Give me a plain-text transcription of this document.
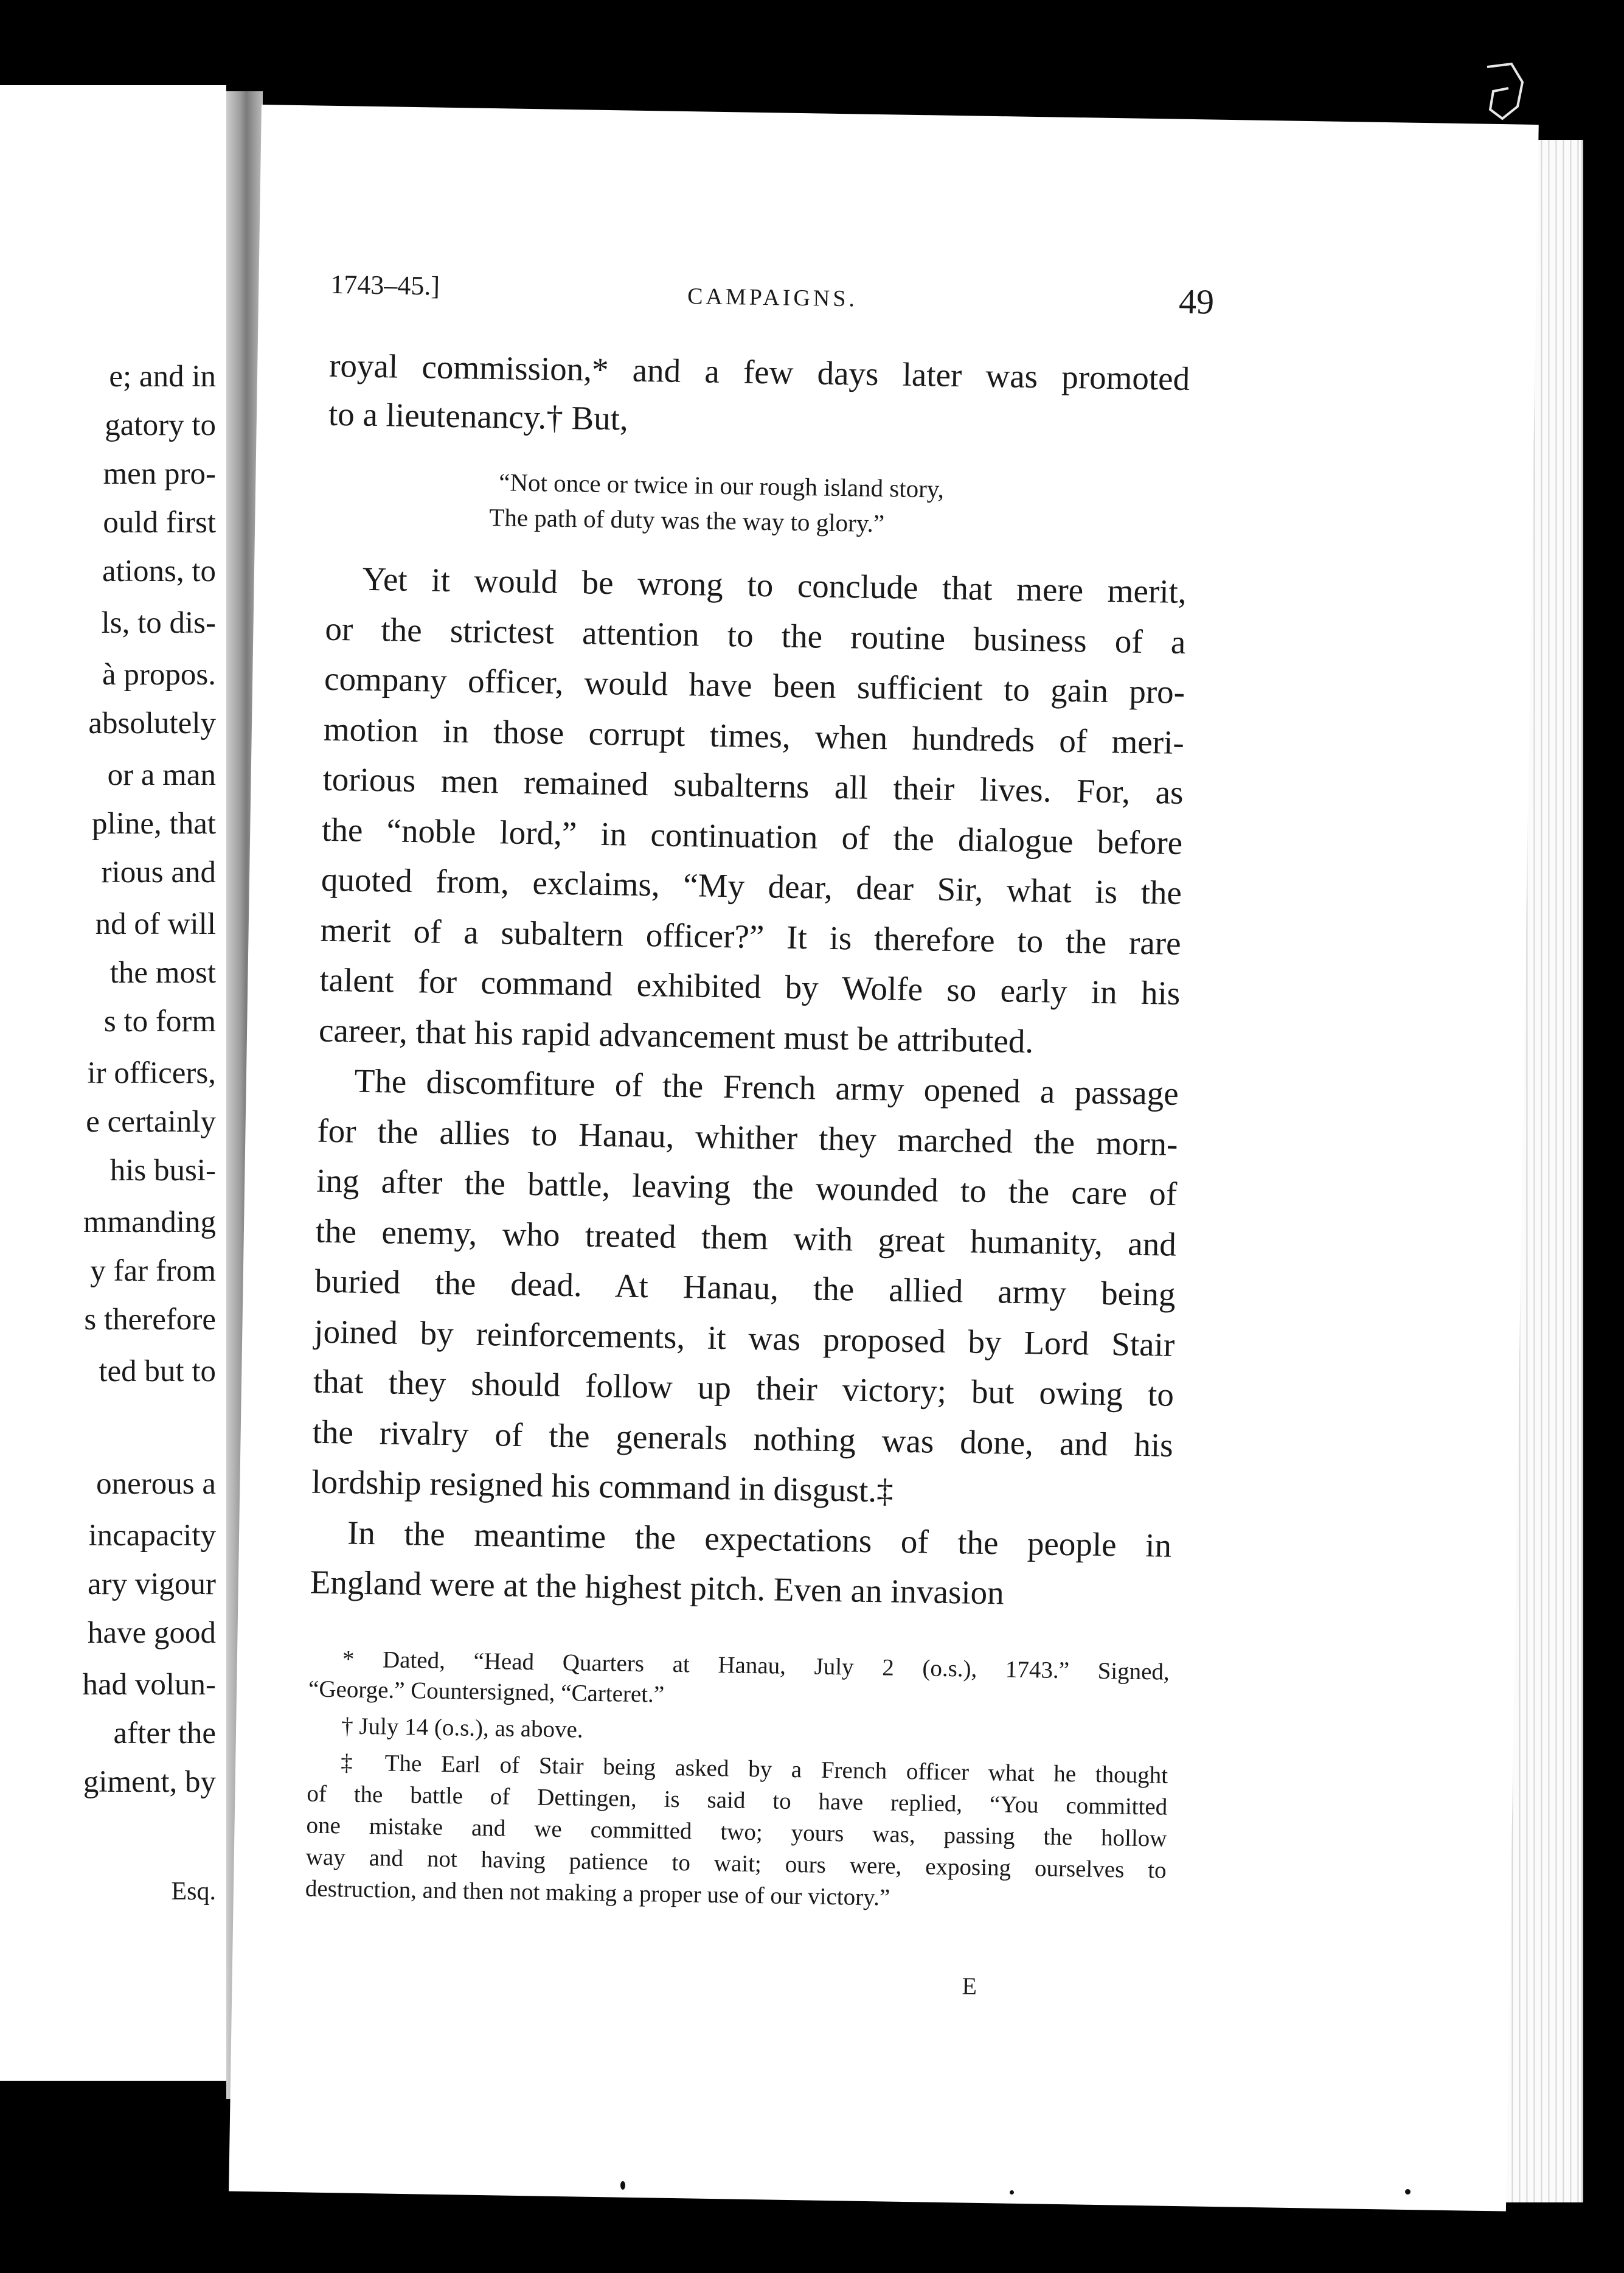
e; and in
gatory to
men pro-
ould first
ations, to
ls, to dis-
à propos.
absolutely
or a man
pline, that
rious and
nd of will
the most
s to form
ir officers,
e certainly
his busi-
mmanding
y far from
s therefore
ted but to
onerous a
incapacity
ary vigour
have good
had volun-
after the
giment, by
Esq.
1743–45.]	CAMPAIGNS.	49
royal commission,* and a few days later was promoted
to a lieutenancy.† But,
“Not once or twice in our rough island story,
The path of duty was the way to glory.”
Yet it would be wrong to conclude that mere merit,
or the strictest attention to the routine business of a
company officer, would have been sufficient to gain pro-
motion in those corrupt times, when hundreds of meri-
torious men remained subalterns all their lives. For, as
the “noble lord,” in continuation of the dialogue before
quoted from, exclaims, “My dear, dear Sir, what is the
merit of a subaltern officer?” It is therefore to the rare
talent for command exhibited by Wolfe so early in his
career, that his rapid advancement must be attributed.
The discomfiture of the French army opened a passage
for the allies to Hanau, whither they marched the morn-
ing after the battle, leaving the wounded to the care of
the enemy, who treated them with great humanity, and
buried the dead. At Hanau, the allied army being
joined by reinforcements, it was proposed by Lord Stair
that they should follow up their victory; but owing to
the rivalry of the generals nothing was done, and his
lordship resigned his command in disgust.‡
In the meantime the expectations of the people in
England were at the highest pitch. Even an invasion
* Dated, “Head Quarters at Hanau, July 2 (o.s.), 1743.” Signed,
“George.” Countersigned, “Carteret.”
† July 14 (o.s.), as above.
‡ The Earl of Stair being asked by a French officer what he thought
of the battle of Dettingen, is said to have replied, “You committed
one mistake and we committed two; yours was, passing the hollow
way and not having patience to wait; ours were, exposing ourselves to
destruction, and then not making a proper use of our victory.”
E
